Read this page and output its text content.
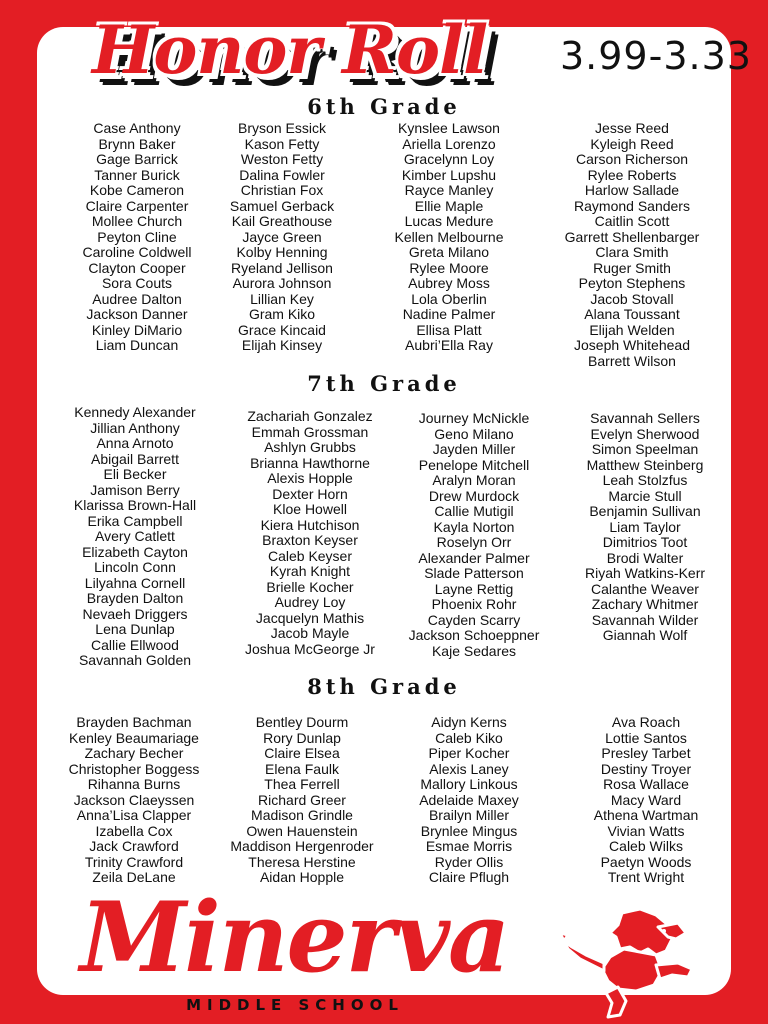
Honor Roll	3.99-3.33
6th Grade
Case Anthony
Brynn Baker
Gage Barrick
Tanner Burick
Kobe Cameron
Claire Carpenter
Mollee Church
Peyton Cline
Caroline Coldwell
Clayton Cooper
Sora Couts
Audree Dalton
Jackson Danner
Kinley DiMario
Liam Duncan
Bryson Essick
Kason Fetty
Weston Fetty
Dalina Fowler
Christian Fox
Samuel Gerback
Kail Greathouse
Jayce Green
Kolby Henning
Ryeland Jellison
Aurora Johnson
Lillian Key
Gram Kiko
Grace Kincaid
Elijah Kinsey
Kynslee Lawson
Ariella Lorenzo
Gracelynn Loy
Kimber Lupshu
Rayce Manley
Ellie Maple
Lucas Medure
Kellen Melbourne
Greta Milano
Rylee Moore
Aubrey Moss
Lola Oberlin
Nadine Palmer
Ellisa Platt
Aubri’Ella Ray
Jesse Reed
Kyleigh Reed
Carson Richerson
Rylee Roberts
Harlow Sallade
Raymond Sanders
Caitlin Scott
Garrett Shellenbarger
Clara Smith
Ruger Smith
Peyton Stephens
Jacob Stovall
Alana Toussant
Elijah Welden
Joseph Whitehead
Barrett Wilson
7th Grade
Kennedy Alexander
Jillian Anthony
Anna Arnoto
Abigail Barrett
Eli Becker
Jamison Berry
Klarissa Brown-Hall
Erika Campbell
Avery Catlett
Elizabeth Cayton
Lincoln Conn
Lilyahna Cornell
Brayden Dalton
Nevaeh Driggers
Lena Dunlap
Callie Ellwood
Savannah Golden
Zachariah Gonzalez
Emmah Grossman
Ashlyn Grubbs
Brianna Hawthorne
Alexis Hopple
Dexter Horn
Kloe Howell
Kiera Hutchison
Braxton Keyser
Caleb Keyser
Kyrah Knight
Brielle Kocher
Audrey Loy
Jacquelyn Mathis
Jacob Mayle
Joshua McGeorge Jr
Journey McNickle
Geno Milano
Jayden Miller
Penelope Mitchell
Aralyn Moran
Drew Murdock
Callie Mutigil
Kayla Norton
Roselyn Orr
Alexander Palmer
Slade Patterson
Layne Rettig
Phoenix Rohr
Cayden Scarry
Jackson Schoeppner
Kaje Sedares
Savannah Sellers
Evelyn Sherwood
Simon Speelman
Matthew Steinberg
Leah Stolzfus
Marcie Stull
Benjamin Sullivan
Liam Taylor
Dimitrios Toot
Brodi Walter
Riyah Watkins-Kerr
Calanthe Weaver
Zachary Whitmer
Savannah Wilder
Giannah Wolf
8th Grade
Brayden Bachman
Kenley Beaumariage
Zachary Becher
Christopher Boggess
Rihanna Burns
Jackson Claeyssen
Anna’Lisa Clapper
Izabella Cox
Jack Crawford
Trinity Crawford
Zeila DeLane
Bentley Dourm
Rory Dunlap
Claire Elsea
Elena Faulk
Thea Ferrell
Richard Greer
Madison Grindle
Owen Hauenstein
Maddison Hergenroder
Theresa Herstine
Aidan Hopple
Aidyn Kerns
Caleb Kiko
Piper Kocher
Alexis Laney
Mallory Linkous
Adelaide Maxey
Brailyn Miller
Brynlee Mingus
Esmae Morris
Ryder Ollis
Claire Pflugh
Ava Roach
Lottie Santos
Presley Tarbet
Destiny Troyer
Rosa Wallace
Macy Ward
Athena Wartman
Vivian Watts
Caleb Wilks
Paetyn Woods
Trent Wright
Minerva
MIDDLE SCHOOL
